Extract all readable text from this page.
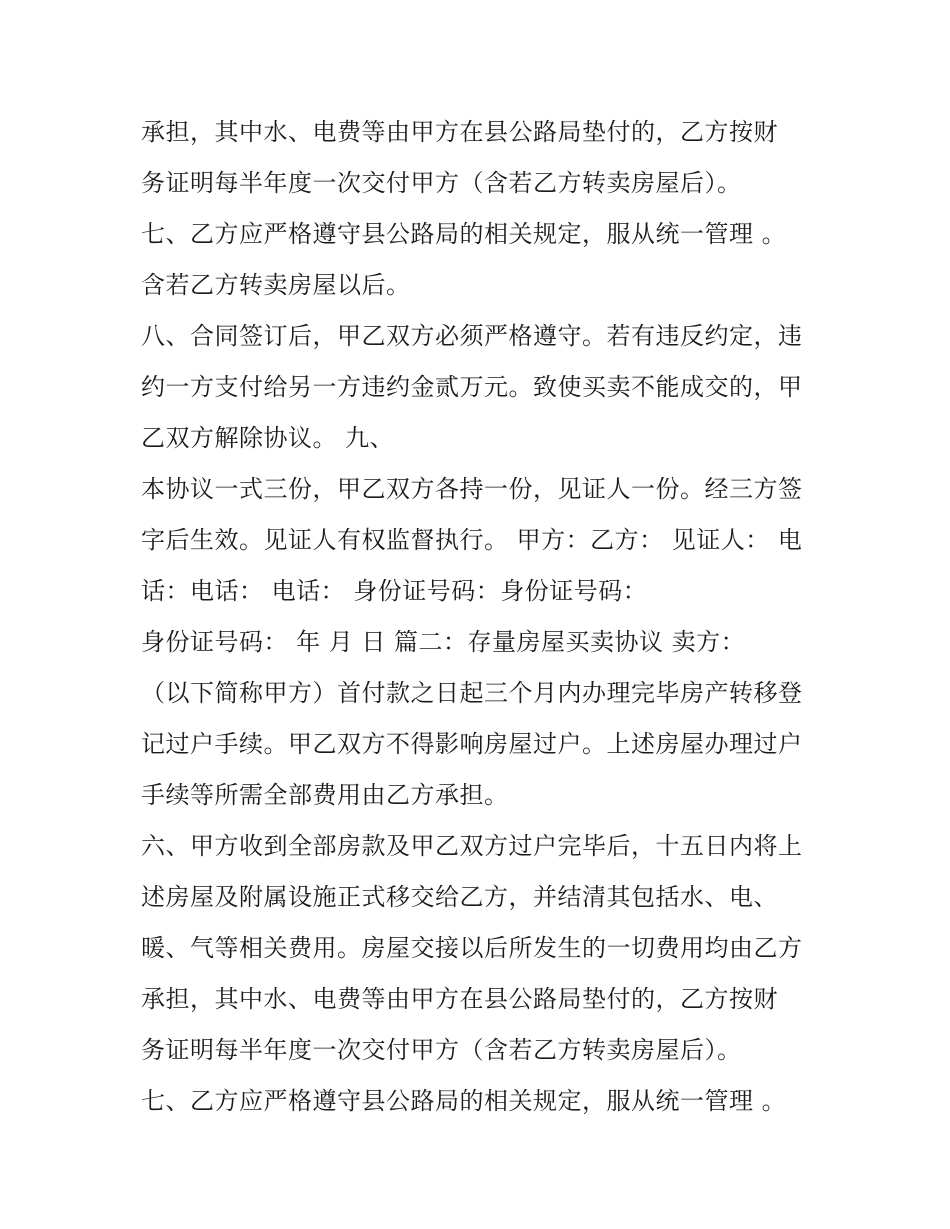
承担，其中水、电费等由甲方在县公路局垫付的，乙方按财
务证明每半年度一次交付甲方（含若乙方转卖房屋后）。
七、乙方应严格遵守县公路局的相关规定，服从统一管理 。
含若乙方转卖房屋以后。
八、合同签订后，甲乙双方必须严格遵守。若有违反约定，违
约一方支付给另一方违约金贰万元。致使买卖不能成交的，甲
乙双方解除协议。 九、
本协议一式三份，甲乙双方各持一份，见证人一份。经三方签
字后生效。见证人有权监督执行。 甲方：乙方： 见证人： 电
话：电话： 电话： 身份证号码：身份证号码：
身份证号码： 年 月 日 篇二：存量房屋买卖协议 卖方：
（以下简称甲方）首付款之日起三个月内办理完毕房产转移登
记过户手续。甲乙双方不得影响房屋过户。上述房屋办理过户
手续等所需全部费用由乙方承担。
六、甲方收到全部房款及甲乙双方过户完毕后，十五日内将上
述房屋及附属设施正式移交给乙方，并结清其包括水、电、
暖、气等相关费用。房屋交接以后所发生的一切费用均由乙方
承担，其中水、电费等由甲方在县公路局垫付的，乙方按财
务证明每半年度一次交付甲方（含若乙方转卖房屋后）。
七、乙方应严格遵守县公路局的相关规定，服从统一管理 。
